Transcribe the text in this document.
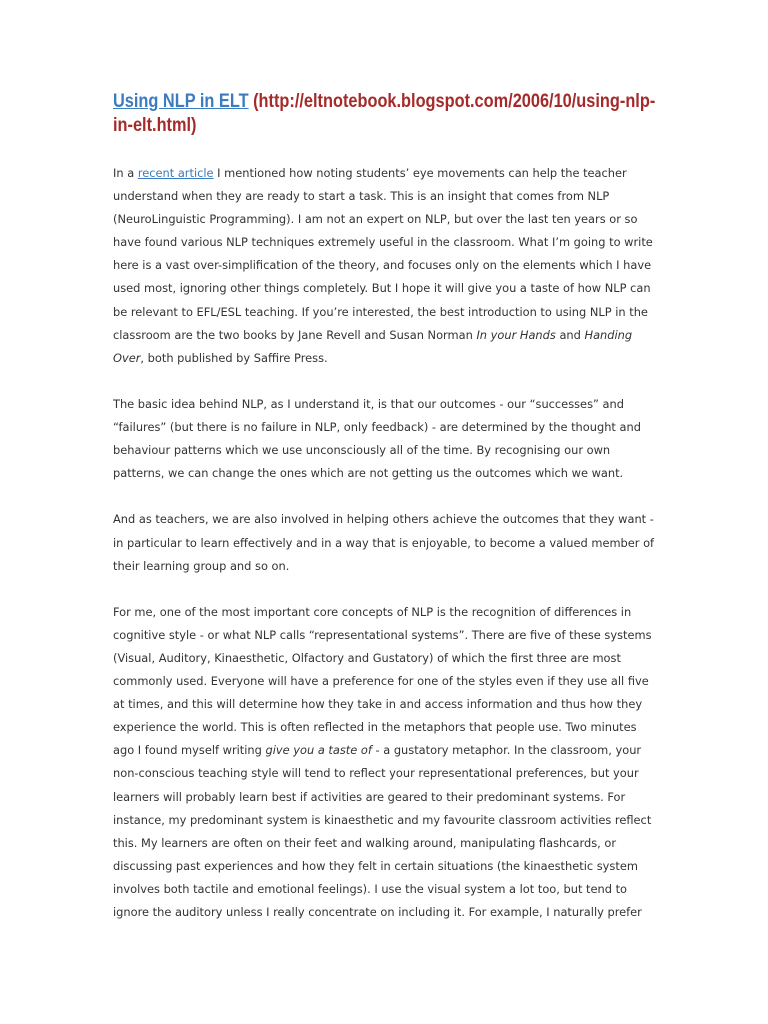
Using NLP in ELT (http://eltnotebook.blogspot.com/2006/10/using-nlp-in-elt.html)

In a recent article I mentioned how noting students’ eye movements can help the teacher understand when they are ready to start a task. This is an insight that comes from NLP (NeuroLinguistic Programming). I am not an expert on NLP, but over the last ten years or so have found various NLP techniques extremely useful in the classroom. What I’m going to write here is a vast over-simplification of the theory, and focuses only on the elements which I have used most, ignoring other things completely. But I hope it will give you a taste of how NLP can be relevant to EFL/ESL teaching. If you’re interested, the best introduction to using NLP in the classroom are the two books by Jane Revell and Susan Norman In your Hands and Handing Over, both published by Saffire Press.

The basic idea behind NLP, as I understand it, is that our outcomes - our “successes” and “failures” (but there is no failure in NLP, only feedback) - are determined by the thought and behaviour patterns which we use unconsciously all of the time. By recognising our own patterns, we can change the ones which are not getting us the outcomes which we want.

And as teachers, we are also involved in helping others achieve the outcomes that they want - in particular to learn effectively and in a way that is enjoyable, to become a valued member of their learning group and so on.

For me, one of the most important core concepts of NLP is the recognition of differences in cognitive style - or what NLP calls “representational systems”. There are five of these systems (Visual, Auditory, Kinaesthetic, Olfactory and Gustatory) of which the first three are most commonly used. Everyone will have a preference for one of the styles even if they use all five at times, and this will determine how they take in and access information and thus how they experience the world. This is often reflected in the metaphors that people use. Two minutes ago I found myself writing give you a taste of - a gustatory metaphor. In the classroom, your non-conscious teaching style will tend to reflect your representational preferences, but your learners will probably learn best if activities are geared to their predominant systems. For instance, my predominant system is kinaesthetic and my favourite classroom activities reflect this. My learners are often on their feet and walking around, manipulating flashcards, or discussing past experiences and how they felt in certain situations (the kinaesthetic system involves both tactile and emotional feelings). I use the visual system a lot too, but tend to ignore the auditory unless I really concentrate on including it. For example, I naturally prefer
